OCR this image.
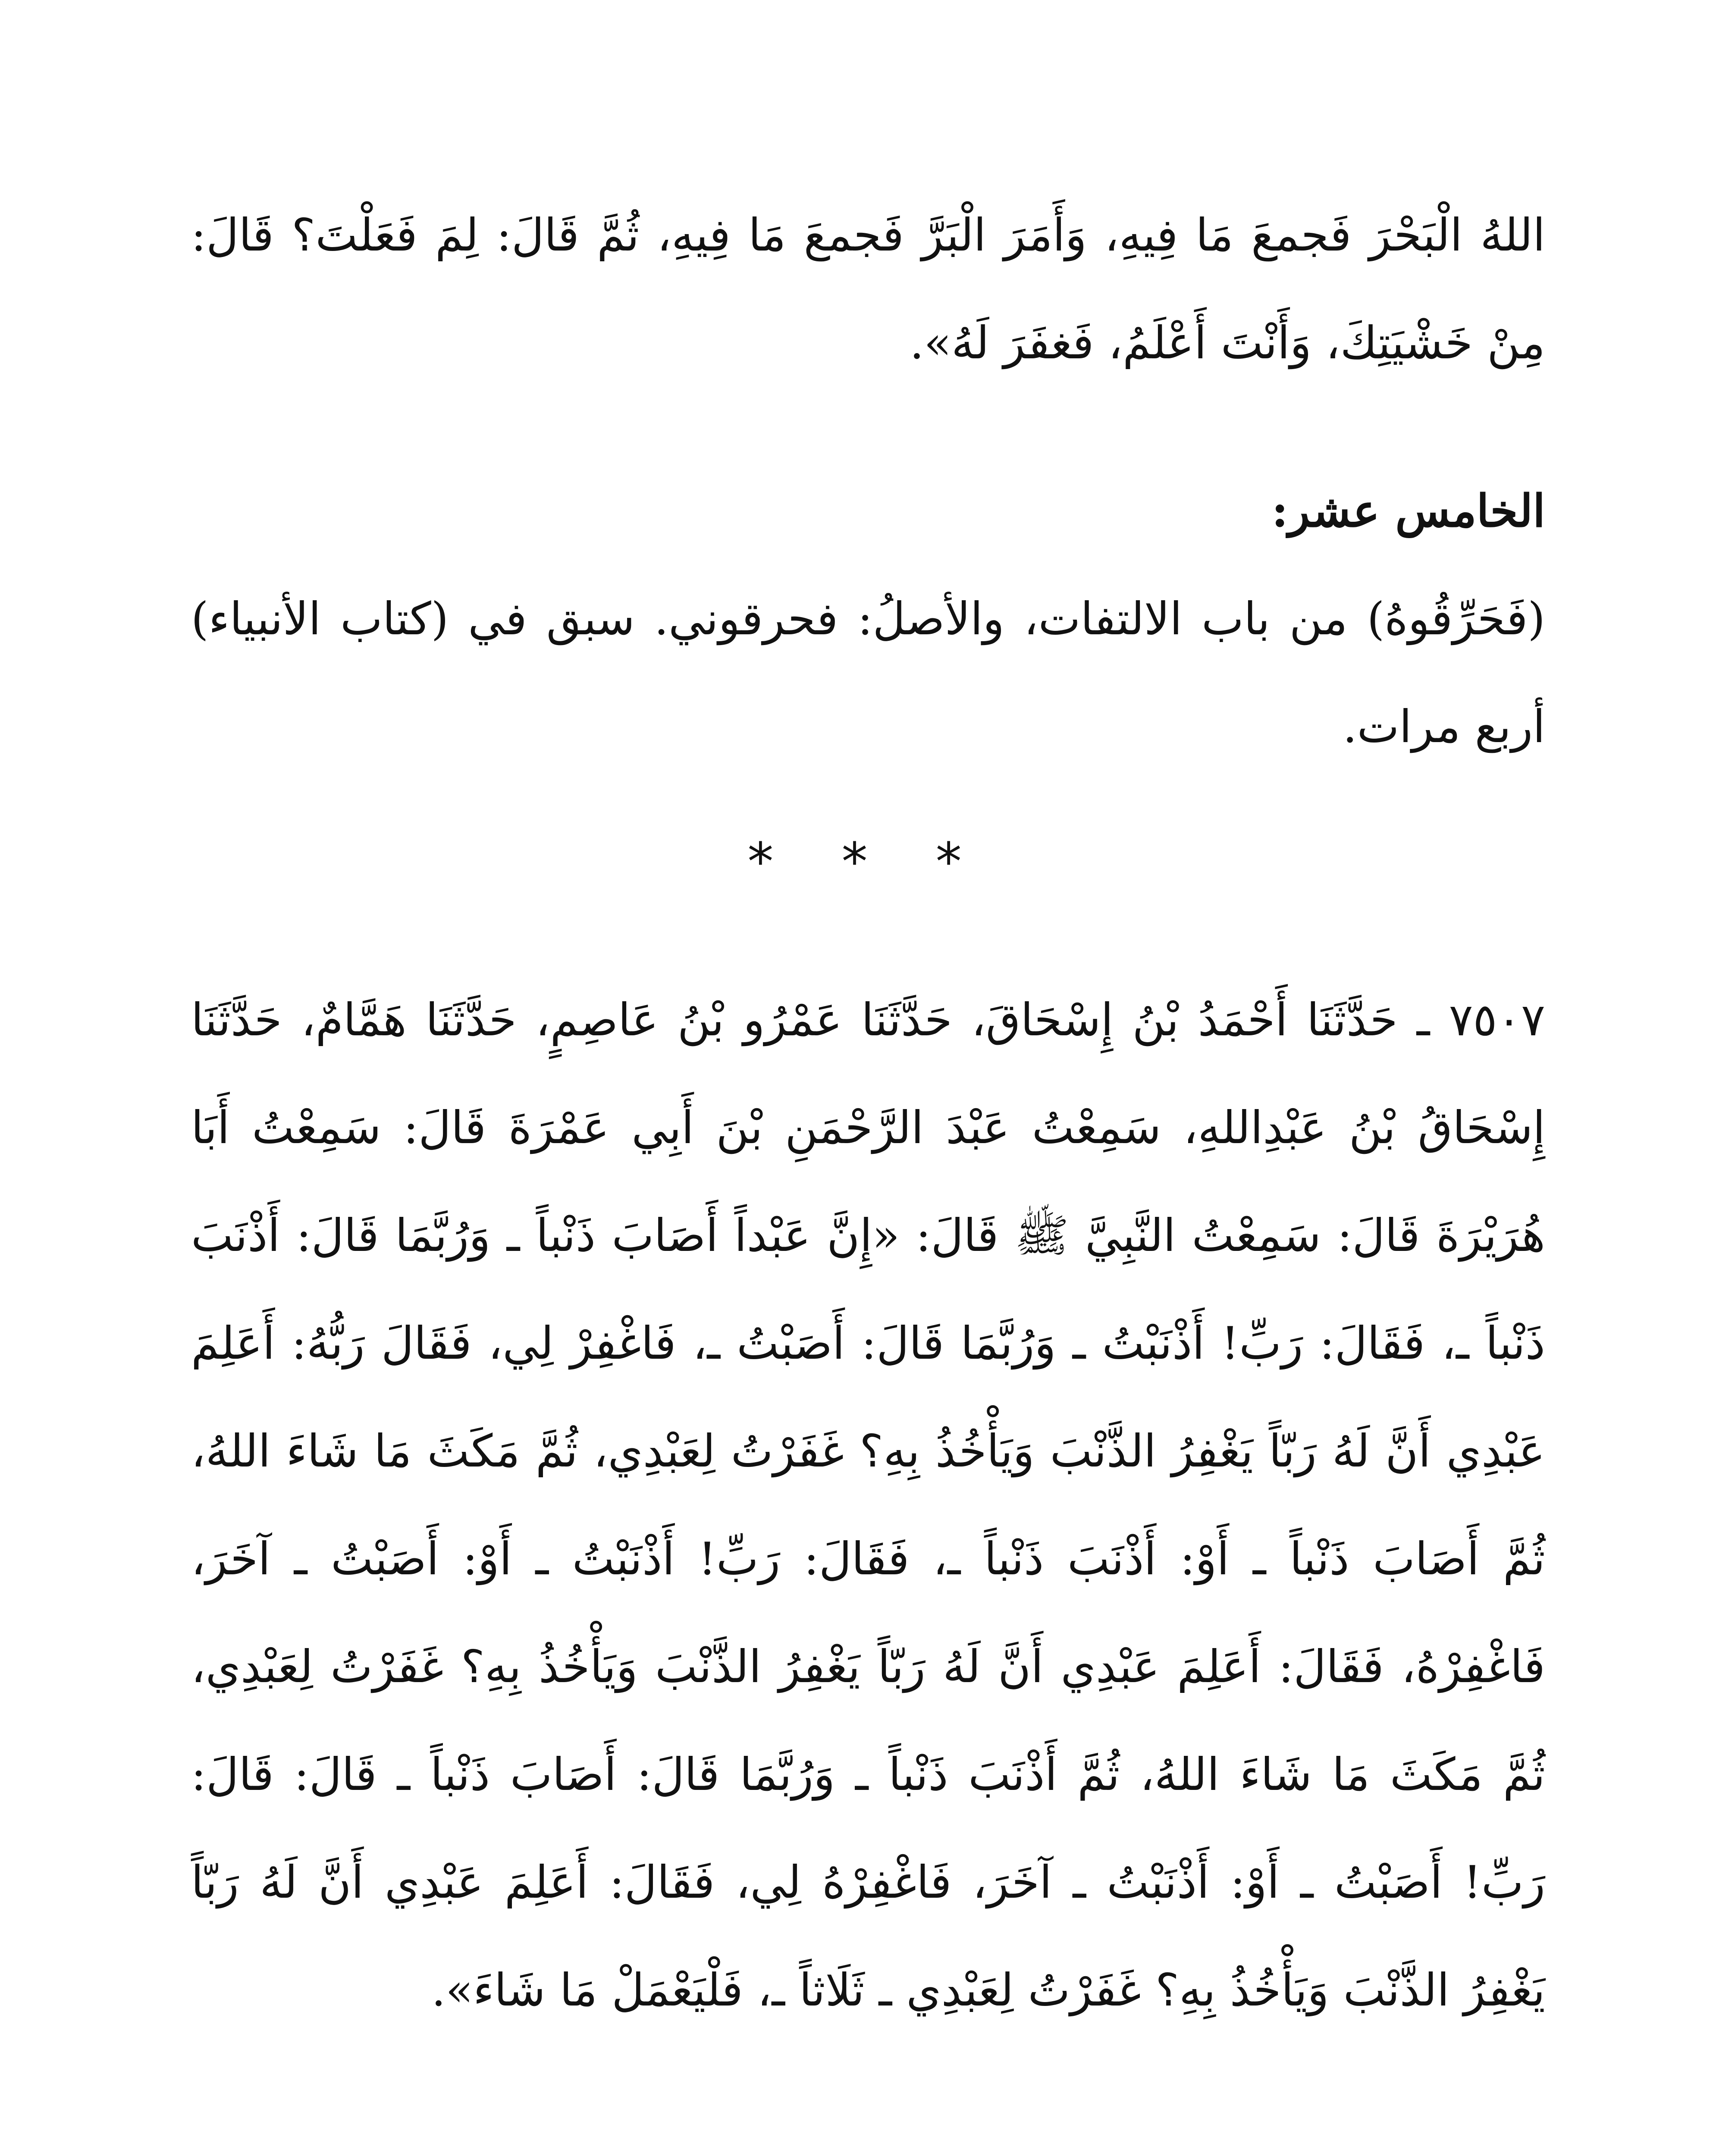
اللهُ الْبَحْرَ فَجمعَ مَا فِيهِ، وَأَمَرَ الْبَرَّ فَجمعَ مَا فِيهِ، ثُمَّ قَالَ: لِمَ فَعَلْتَ؟ قَالَ: مِنْ خَشْيَتِكَ، وَأَنْتَ أَعْلَمُ، فَغفَرَ لَهُ».

الخامس عشر:

(فَحَرِّقُوهُ) من باب الالتفات، والأصلُ: فحرقوني. سبق في (كتاب الأنبياء) أربع مرات.

* * *

٧٥٠٧ ـ حَدَّثَنَا أَحْمَدُ بْنُ إِسْحَاقَ، حَدَّثَنَا عَمْرُو بْنُ عَاصِمٍ، حَدَّثَنَا هَمَّامٌ، حَدَّثَنَا إِسْحَاقُ بْنُ عَبْدِاللهِ، سَمِعْتُ عَبْدَ الرَّحْمَنِ بْنَ أَبِي عَمْرَةَ قَالَ: سَمِعْتُ أَبَا هُرَيْرَةَ قَالَ: سَمِعْتُ النَّبِيَّ ﷺ قَالَ: «إِنَّ عَبْداً أَصَابَ ذَنْباً ـ وَرُبَّمَا قَالَ: أَذْنَبَ ذَنْباً ـ، فَقَالَ: رَبِّ! أَذْنَبْتُ ـ وَرُبَّمَا قَالَ: أَصَبْتُ ـ، فَاغْفِرْ لِي، فَقَالَ رَبُّهُ: أَعَلِمَ عَبْدِي أَنَّ لَهُ رَبّاً يَغْفِرُ الذَّنْبَ وَيَأْخُذُ بِهِ؟ غَفَرْتُ لِعَبْدِي، ثُمَّ مَكَثَ مَا شَاءَ اللهُ، ثُمَّ أَصَابَ ذَنْباً ـ أَوْ: أَذْنَبَ ذَنْباً ـ، فَقَالَ: رَبِّ! أَذْنَبْتُ ـ أَوْ: أَصَبْتُ ـ آخَرَ، فَاغْفِرْهُ، فَقَالَ: أَعَلِمَ عَبْدِي أَنَّ لَهُ رَبّاً يَغْفِرُ الذَّنْبَ وَيَأْخُذُ بِهِ؟ غَفَرْتُ لِعَبْدِي، ثُمَّ مَكَثَ مَا شَاءَ اللهُ، ثُمَّ أَذْنَبَ ذَنْباً ـ وَرُبَّمَا قَالَ: أَصَابَ ذَنْباً ـ قَالَ: قَالَ: رَبِّ! أَصَبْتُ ـ أَوْ: أَذْنَبْتُ ـ آخَرَ، فَاغْفِرْهُ لِي، فَقَالَ: أَعَلِمَ عَبْدِي أَنَّ لَهُ رَبّاً يَغْفِرُ الذَّنْبَ وَيَأْخُذُ بِهِ؟ غَفَرْتُ لِعَبْدِي ـ ثَلَاثاً ـ، فَلْيَعْمَلْ مَا شَاءَ».
